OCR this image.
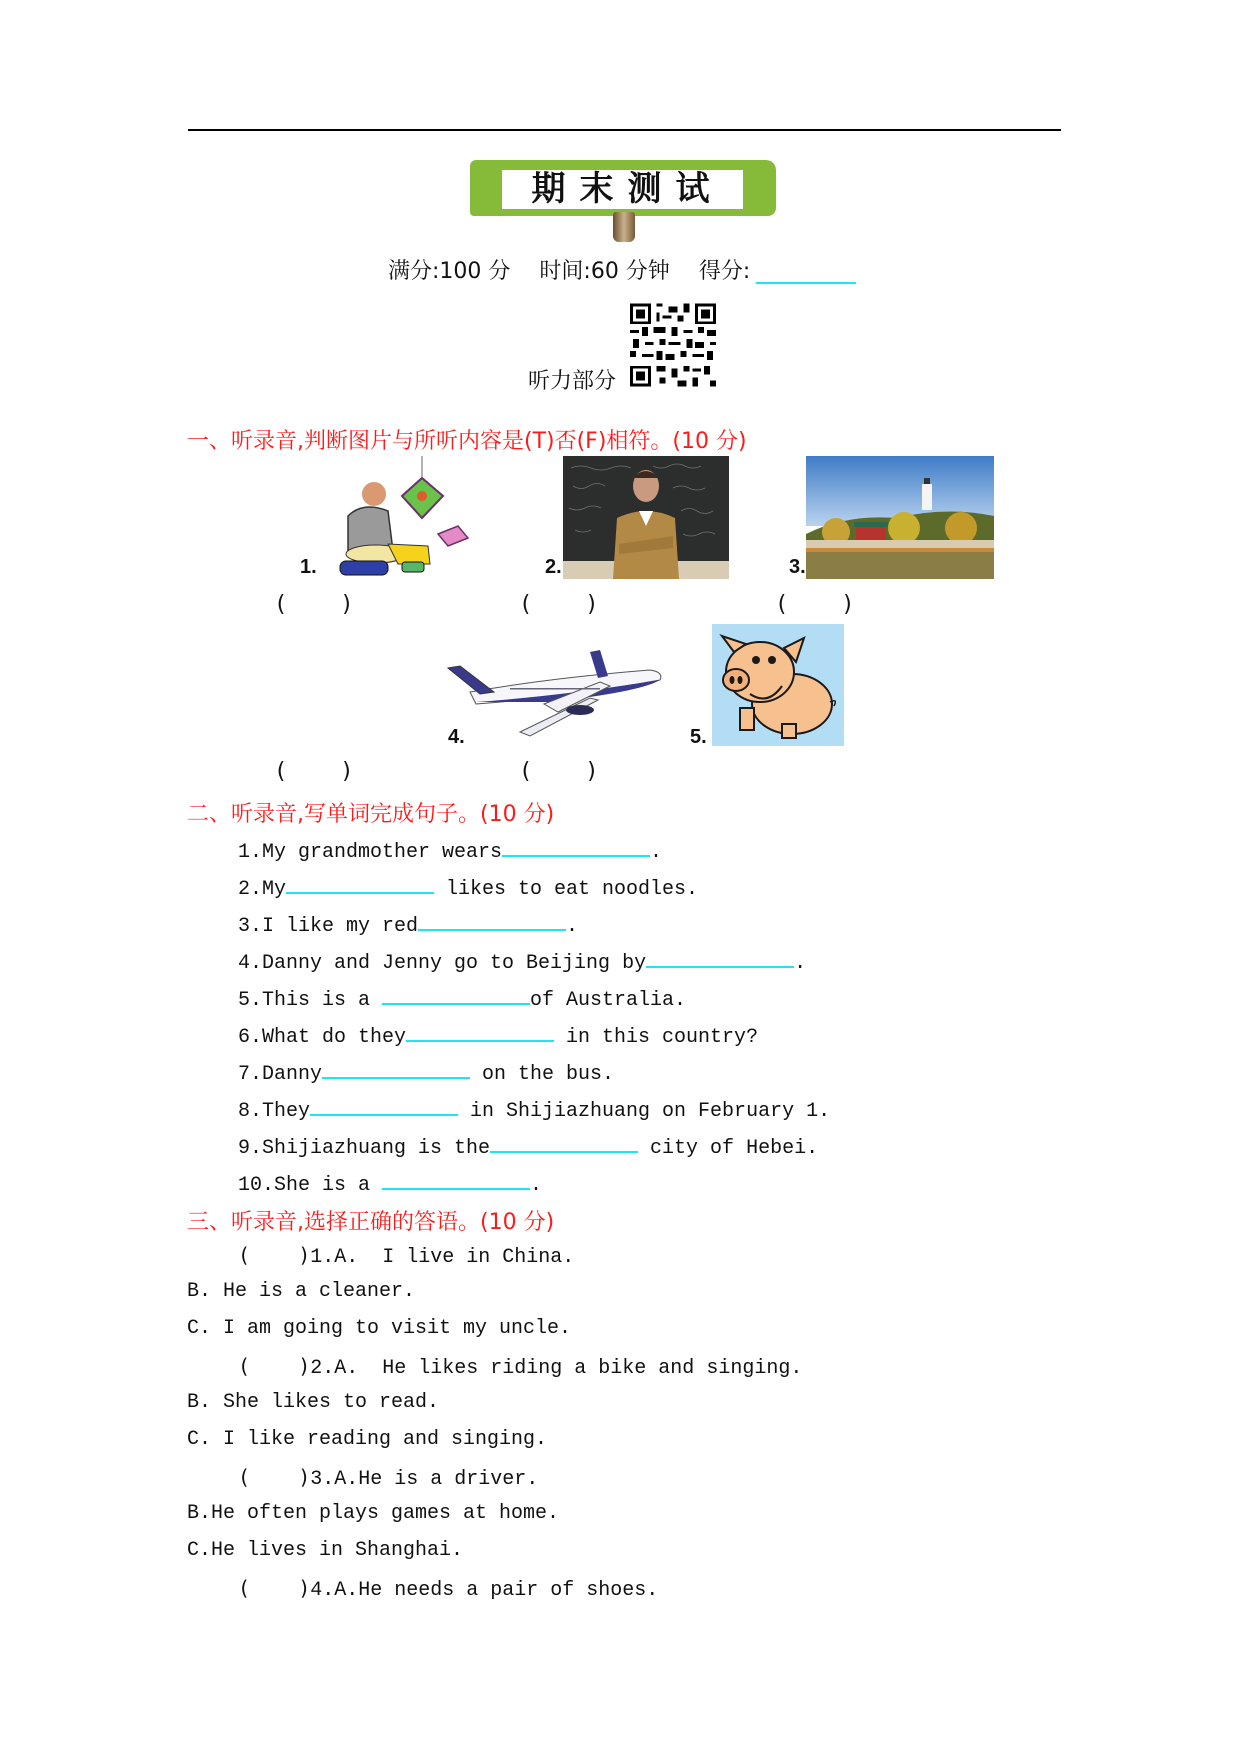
期末测试
满分:100 分 时间:60 分钟 得分:
听力部分
一、听录音,判断图片与所听内容是(T)否(F)相符。(10 分)
1.	2.	3.
(    )	(    )	(    )
4.	5.
(    )	(    )
二、听录音,写单词完成句子。(10 分)
1.My grandmother wears	.
2.My	likes to eat noodles.
3.I like my red	.
4.Danny and Jenny go to Beijing by	.
5.This is a	of Australia.
6.What do they	in this country?
7.Danny	on the bus.
8.They	in Shijiazhuang on February 1.
9.Shijiazhuang is the	city of Hebei.
10.She is a	.
三、听录音,选择正确的答语。(10 分)
(    )1.A.  I live in China.
B. He is a cleaner.
C. I am going to visit my uncle.
(    )2.A.  He likes riding a bike and singing.
B. She likes to read.
C. I like reading and singing.
(    )3.A.He is a driver.
B.He often plays games at home.
C.He lives in Shanghai.
(    )4.A.He needs a pair of shoes.
